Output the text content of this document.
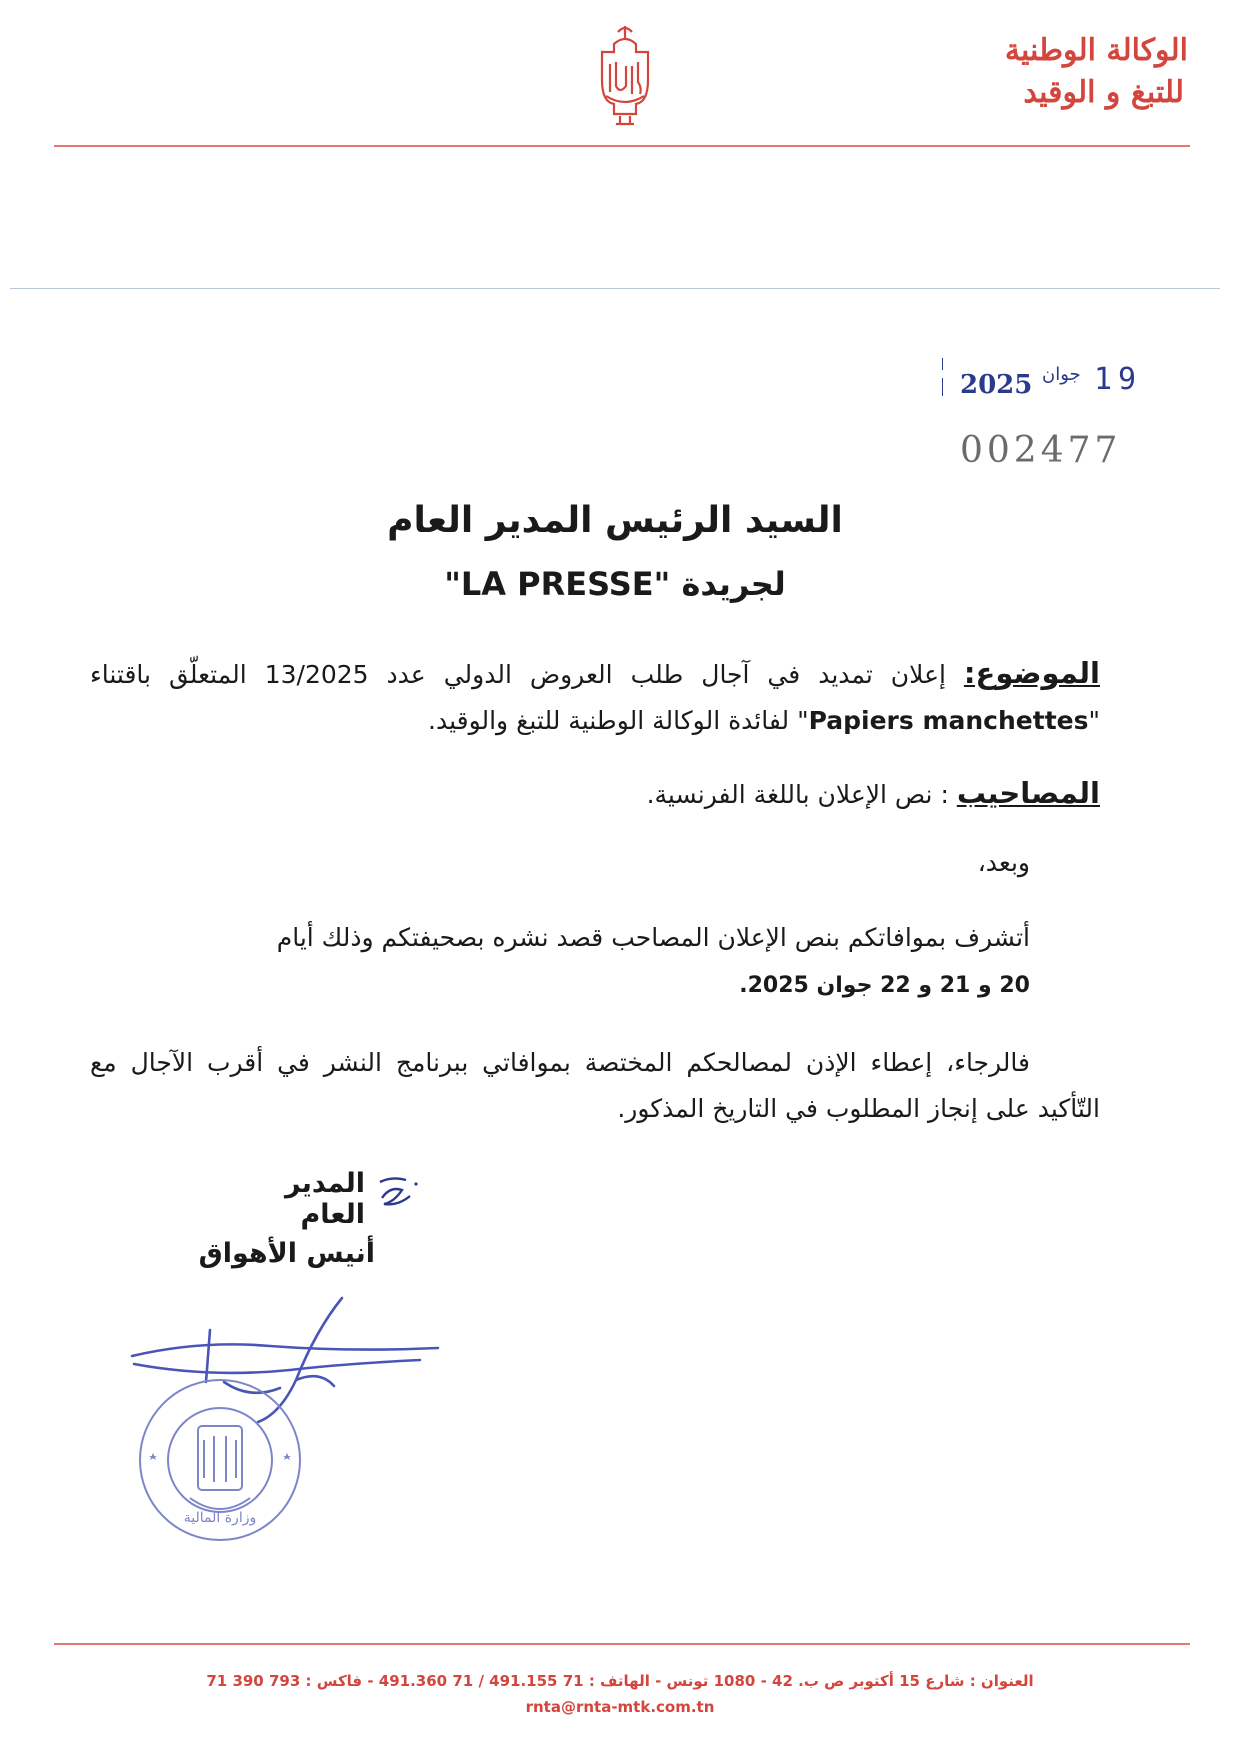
الوكالة الوطنية
للتبغ و الوقيد
2025 جوان 19
002477
السيد الرئيس المدير العام
لجريدة "LA PRESSE"
الموضوع: إعلان تمديد في آجال طلب العروض الدولي عدد 13/2025 المتعلّق باقتناء "Papiers manchettes" لفائدة الوكالة الوطنية للتبغ والوقيد.
المصاحيب : نص الإعلان باللغة الفرنسية.
وبعد،
أتشرف بموافاتكم بنص الإعلان المصاحب قصد نشره بصحيفتكم وذلك أيام
20 و 21 و 22 جوان 2025.
فالرجاء، إعطاء الإذن لمصالحكم المختصة بموافاتي ببرنامج النشر في أقرب الآجال مع التّأكيد على إنجاز المطلوب في التاريخ المذكور.
المدير العام
أنيس الأهواق
وزارة المالية
العنوان : شارع 15 أكتوبر ص ب. 42 - 1080 تونس - الهاتف : 71 491.155 / 71 491.360 - فاكس : 793 390 71
rnta@rnta-mtk.com.tn
